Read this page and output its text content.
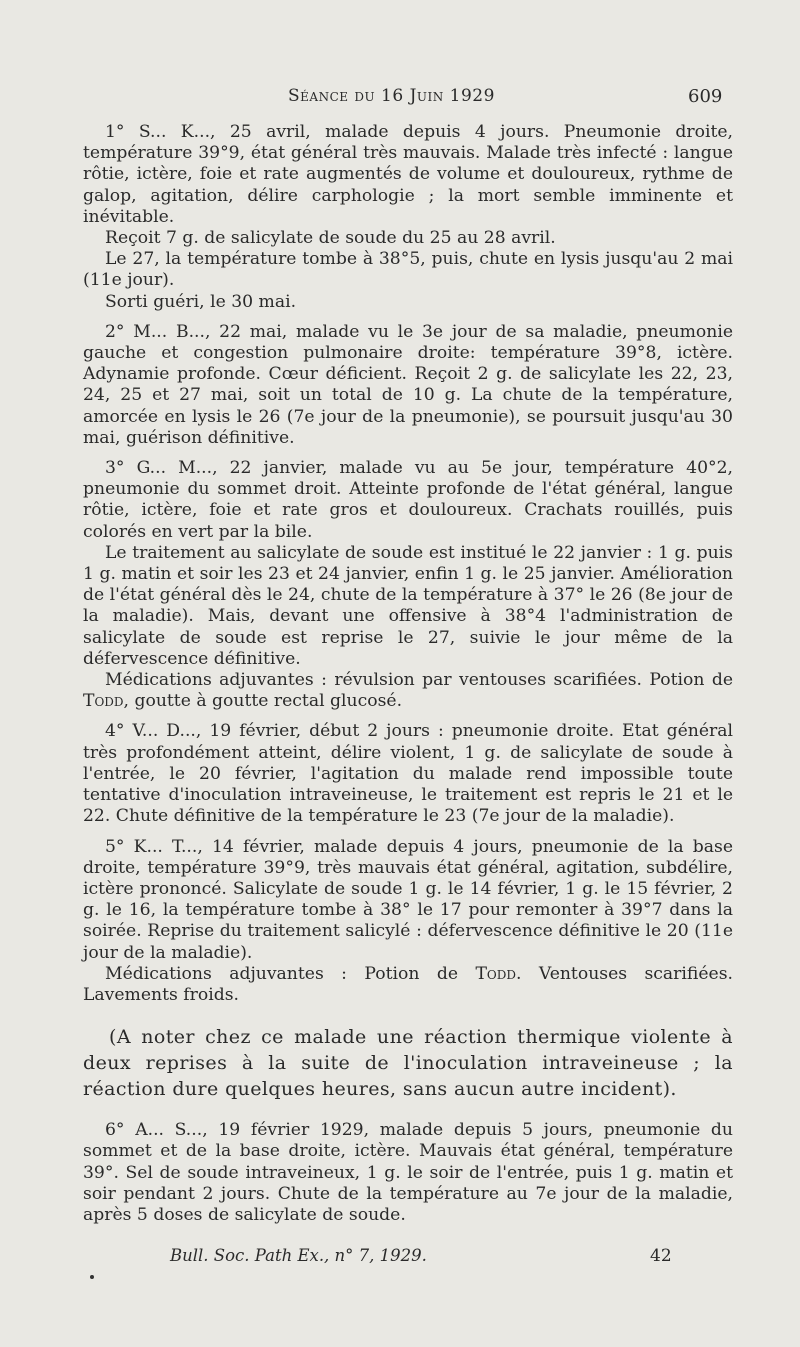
Séance du 16 Juin 1929	609

1° S... K..., 25 avril, malade depuis 4 jours. Pneumonie droite, température 39°9, état général très mauvais. Malade très infecté : langue rôtie, ictère, foie et rate augmentés de volume et douloureux, rythme de galop, agitation, délire carphologie ; la mort semble imminente et inévitable.

Reçoit 7 g. de salicylate de soude du 25 au 28 avril.

Le 27, la température tombe à 38°5, puis, chute en lysis jusqu'au 2 mai (11e jour).

Sorti guéri, le 30 mai.

2° M... B..., 22 mai, malade vu le 3e jour de sa maladie, pneumonie gauche et congestion pulmonaire droite: température 39°8, ictère. Adynamie profonde. Cœur déficient. Reçoit 2 g. de salicylate les 22, 23, 24, 25 et 27 mai, soit un total de 10 g. La chute de la température, amorcée en lysis le 26 (7e jour de la pneumonie), se poursuit jusqu'au 30 mai, guérison définitive.

3° G... M..., 22 janvier, malade vu au 5e jour, température 40°2, pneumonie du sommet droit. Atteinte profonde de l'état général, langue rôtie, ictère, foie et rate gros et douloureux. Crachats rouillés, puis colorés en vert par la bile.

Le traitement au salicylate de soude est institué le 22 janvier : 1 g. puis 1 g. matin et soir les 23 et 24 janvier, enfin 1 g. le 25 janvier. Amélioration de l'état général dès le 24, chute de la température à 37° le 26 (8e jour de la maladie). Mais, devant une offensive à 38°4 l'administration de salicylate de soude est reprise le 27, suivie le jour même de la défervescence définitive.

Médications adjuvantes : révulsion par ventouses scarifiées. Potion de Todd, goutte à goutte rectal glucosé.

4° V... D..., 19 février, début 2 jours : pneumonie droite. Etat général très profondément atteint, délire violent, 1 g. de salicylate de soude à l'entrée, le 20 février, l'agitation du malade rend impossible toute tentative d'inoculation intraveineuse, le traitement est repris le 21 et le 22. Chute définitive de la température le 23 (7e jour de la maladie).

5° K... T..., 14 février, malade depuis 4 jours, pneumonie de la base droite, température 39°9, très mauvais état général, agitation, subdélire, ictère prononcé. Salicylate de soude 1 g. le 14 février, 1 g. le 15 février, 2 g. le 16, la température tombe à 38° le 17 pour remonter à 39°7 dans la soirée. Reprise du traitement salicylé : défervescence définitive le 20 (11e jour de la maladie).

Médications adjuvantes : Potion de Todd. Ventouses scarifiées. Lavements froids.

(A noter chez ce malade une réaction thermique violente à deux reprises à la suite de l'inoculation intraveineuse ; la réaction dure quelques heures, sans aucun autre incident).

6° A... S..., 19 février 1929, malade depuis 5 jours, pneumonie du sommet et de la base droite, ictère. Mauvais état général, température 39°. Sel de soude intraveineux, 1 g. le soir de l'entrée, puis 1 g. matin et soir pendant 2 jours. Chute de la température au 7e jour de la maladie, après 5 doses de salicylate de soude.

Bull. Soc. Path Ex., n° 7, 1929.	42
